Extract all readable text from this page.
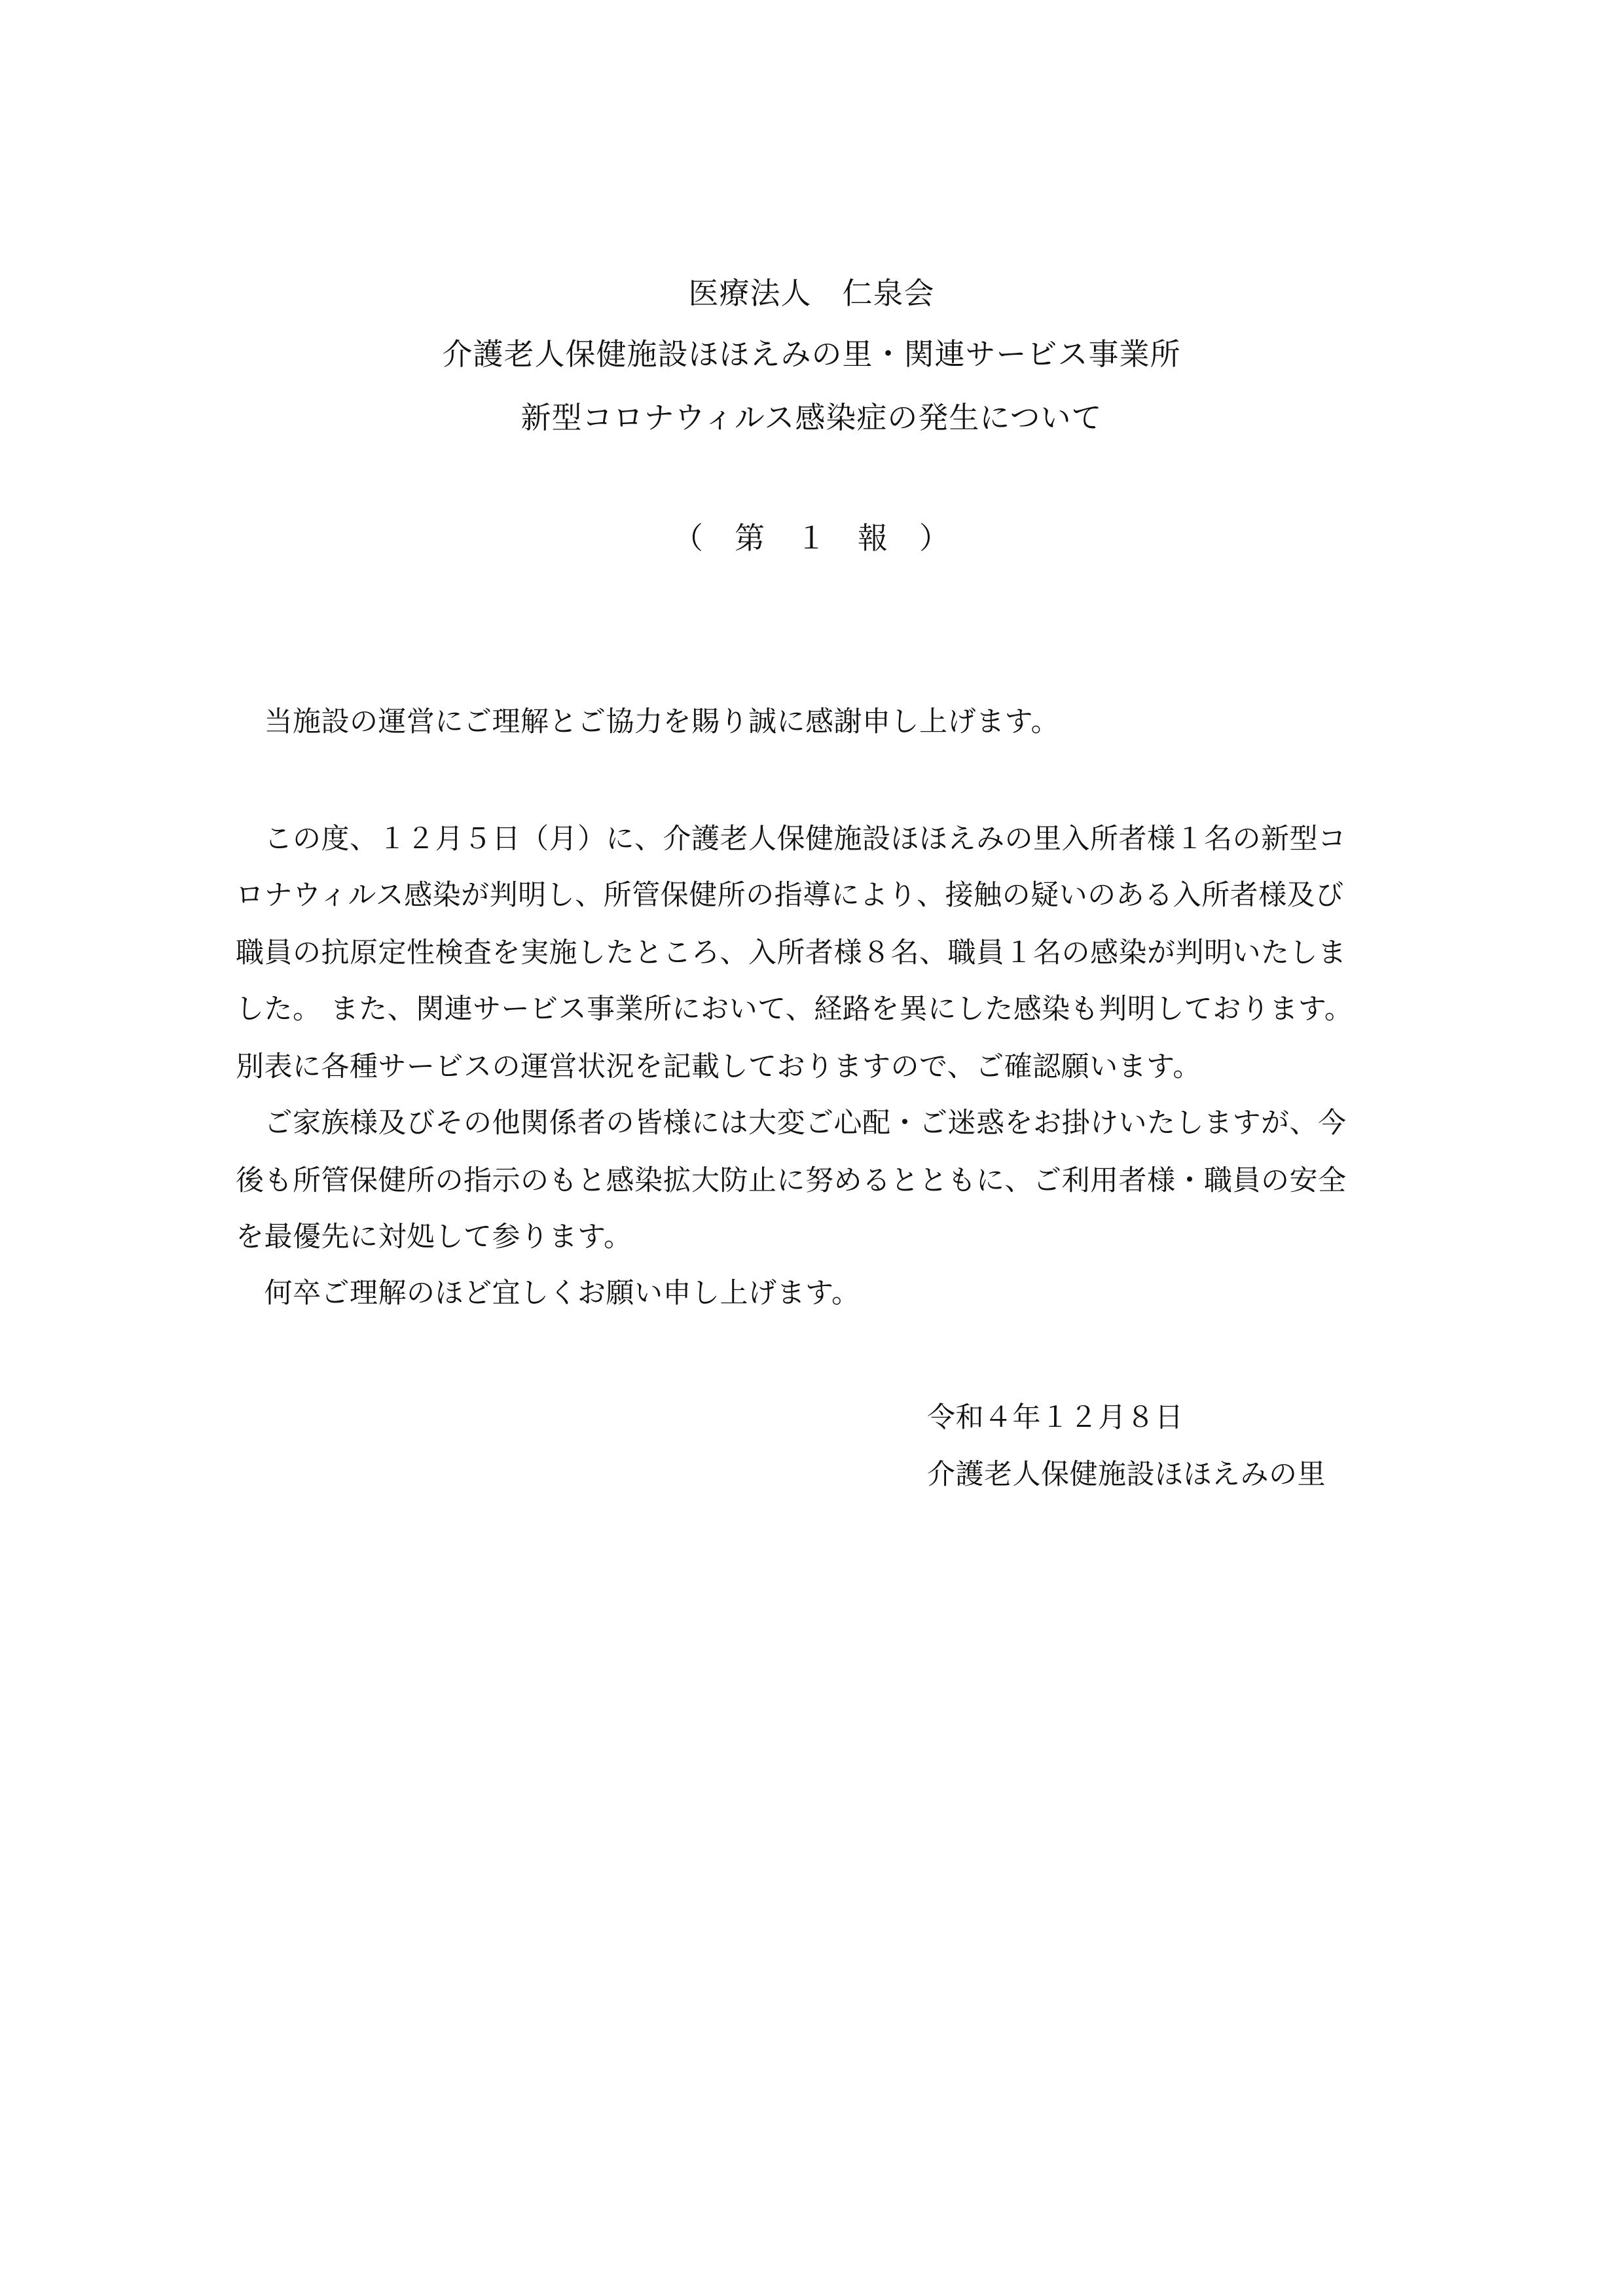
医療法人　仁泉会
介護老人保健施設ほほえみの里・関連サービス事業所
新型コロナウィルス感染症の発生について
（　第　１　報　）
　当施設の運営にご理解とご協力を賜り誠に感謝申し上げます。
　この度、１２月５日（月）に、介護老人保健施設ほほえみの里入所者様１名の新型コ
ロナウィルス感染が判明し、所管保健所の指導により、接触の疑いのある入所者様及び
職員の抗原定性検査を実施したところ、入所者様８名、職員１名の感染が判明いたしま
した。 また、関連サービス事業所において、経路を異にした感染も判明しております。
別表に各種サービスの運営状況を記載しておりますので、ご確認願います。
　ご家族様及びその他関係者の皆様には大変ご心配・ご迷惑をお掛けいたしますが、今
後も所管保健所の指示のもと感染拡大防止に努めるとともに、ご利用者様・職員の安全
を最優先に対処して参ります。
　何卒ご理解のほど宜しくお願い申し上げます。
令和４年１２月８日
介護老人保健施設ほほえみの里
